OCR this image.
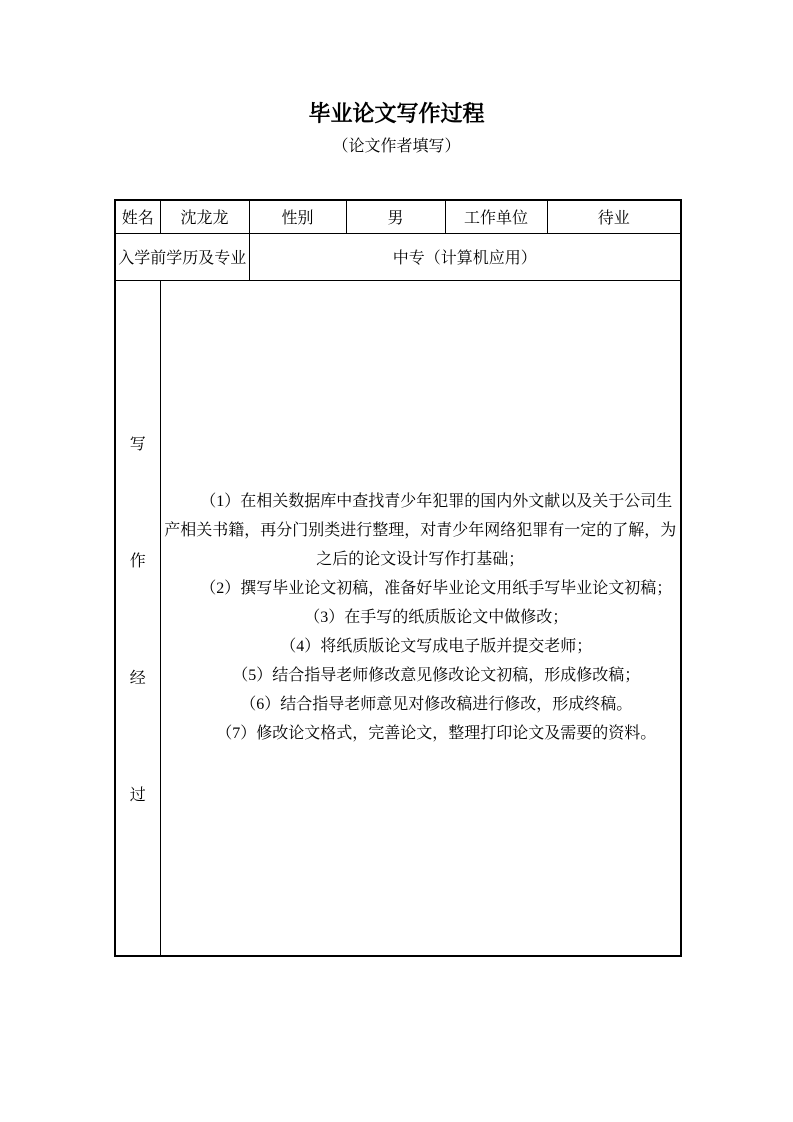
毕业论文写作过程
（论文作者填写）
姓名	沈龙龙	性别	男	工作单位	待业
入学前学历及专业		中专（计算机应用）			

写
作
经
过

（1）在相关数据库中查找青少年犯罪的国内外文献以及关于公司生产相关书籍，再分门别类进行整理，对青少年网络犯罪有一定的了解，为之后的论文设计写作打基础；

（2）撰写毕业论文初稿，准备好毕业论文用纸手写毕业论文初稿；

（3）在手写的纸质版论文中做修改；

（4）将纸质版论文写成电子版并提交老师；

（5）结合指导老师修改意见修改论文初稿，形成修改稿；

（6）结合指导老师意见对修改稿进行修改，形成终稿。

（7）修改论文格式，完善论文，整理打印论文及需要的资料。
